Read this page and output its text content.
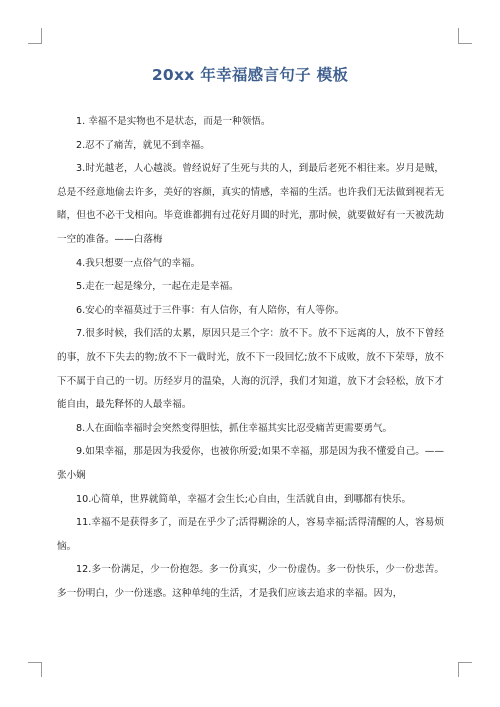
20xx 年幸福感言句子 模板

1. 幸福不是实物也不是状态，而是一种领悟。

2.忍不了痛苦，就见不到幸福。

3.时光越老，人心越淡。曾经说好了生死与共的人，到最后老死不相往来。岁月是贼，总是不经意地偷去许多，美好的容颜，真实的情感，幸福的生活。也许我们无法做到视若无睹，但也不必干戈相向。毕竟谁都拥有过花好月圆的时光，那时候，就要做好有一天被洗劫一空的准备。——白落梅

4.我只想要一点俗气的幸福。

5.走在一起是缘分，一起在走是幸福。

6.安心的幸福莫过于三件事：有人信你，有人陪你，有人等你。

7.很多时候，我们活的太累，原因只是三个字：放不下。放不下远离的人，放不下曾经的事，放不下失去的物;放不下一截时光，放不下一段回忆;放不下成败，放不下荣辱，放不下不属于自己的一切。历经岁月的温染，人海的沉浮，我们才知道，放下才会轻松，放下才能自由，最先释怀的人最幸福。

8.人在面临幸福时会突然变得胆怯，抓住幸福其实比忍受痛苦更需要勇气。

9.如果幸福，那是因为我爱你，也被你所爱;如果不幸福，那是因为我不懂爱自己。——张小娴

10.心简单，世界就简单，幸福才会生长;心自由，生活就自由，到哪都有快乐。

11.幸福不是获得多了，而是在乎少了;活得糊涂的人，容易幸福;活得清醒的人，容易烦恼。

12.多一份满足，少一份抱怨。多一份真实，少一份虚伪。多一份快乐，少一份悲苦。多一份明白，少一份迷惑。这种单纯的生活，才是我们应该去追求的幸福。因为，
